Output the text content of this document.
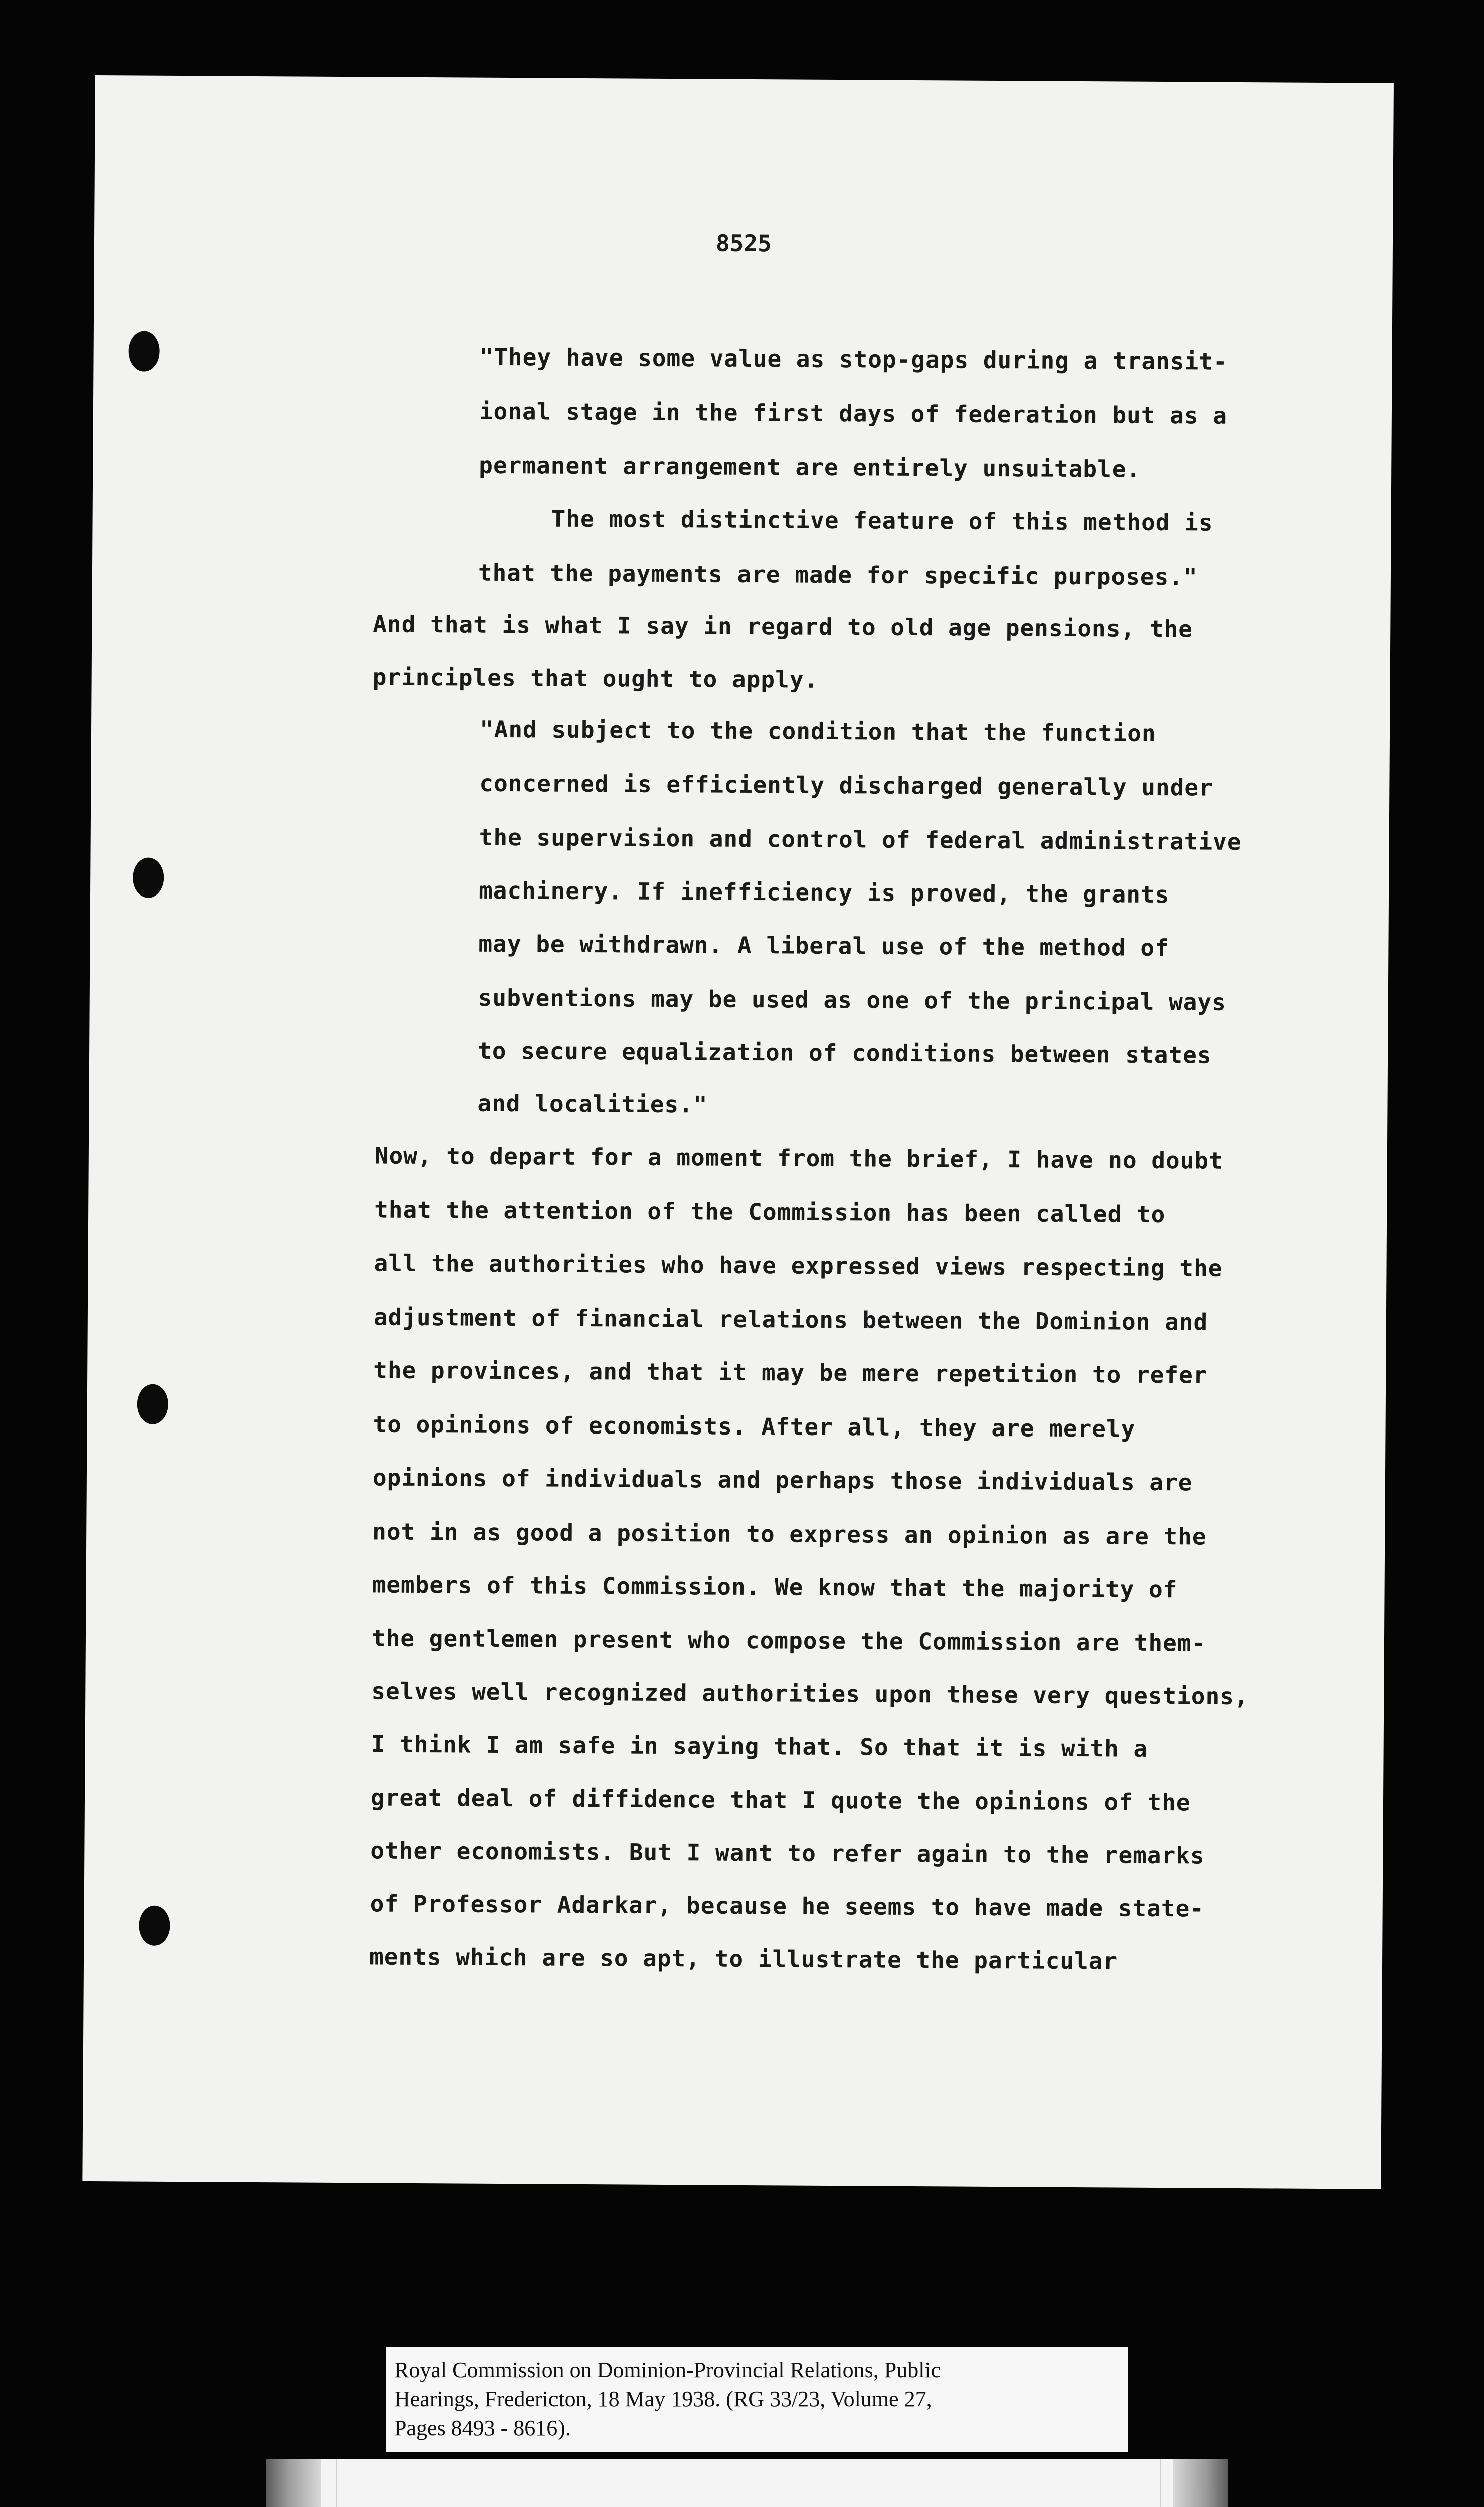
8525
"They have some value as stop-gaps during a transit-
ional stage in the first days of federation but as a
permanent arrangement are entirely unsuitable.
The most distinctive feature of this method is
that the payments are made for specific purposes."
And that is what I say in regard to old age pensions, the
principles that ought to apply.
"And subject to the condition that the function
concerned is efficiently discharged generally under
the supervision and control of federal administrative
machinery. If inefficiency is proved, the grants
may be withdrawn. A liberal use of the method of
subventions may be used as one of the principal ways
to secure equalization of conditions between states
and localities."
Now, to depart for a moment from the brief, I have no doubt
that the attention of the Commission has been called to
all the authorities who have expressed views respecting the
adjustment of financial relations between the Dominion and
the provinces, and that it may be mere repetition to refer
to opinions of economists. After all, they are merely
opinions of individuals and perhaps those individuals are
not in as good a position to express an opinion as are the
members of this Commission. We know that the majority of
the gentlemen present who compose the Commission are them-
selves well recognized authorities upon these very questions,
I think I am safe in saying that. So that it is with a
great deal of diffidence that I quote the opinions of the
other economists. But I want to refer again to the remarks
of Professor Adarkar, because he seems to have made state-
ments which are so apt, to illustrate the particular
Royal Commission on Dominion-Provincial Relations, Public
Hearings, Fredericton, 18 May 1938. (RG 33/23, Volume 27,
Pages 8493 - 8616).
